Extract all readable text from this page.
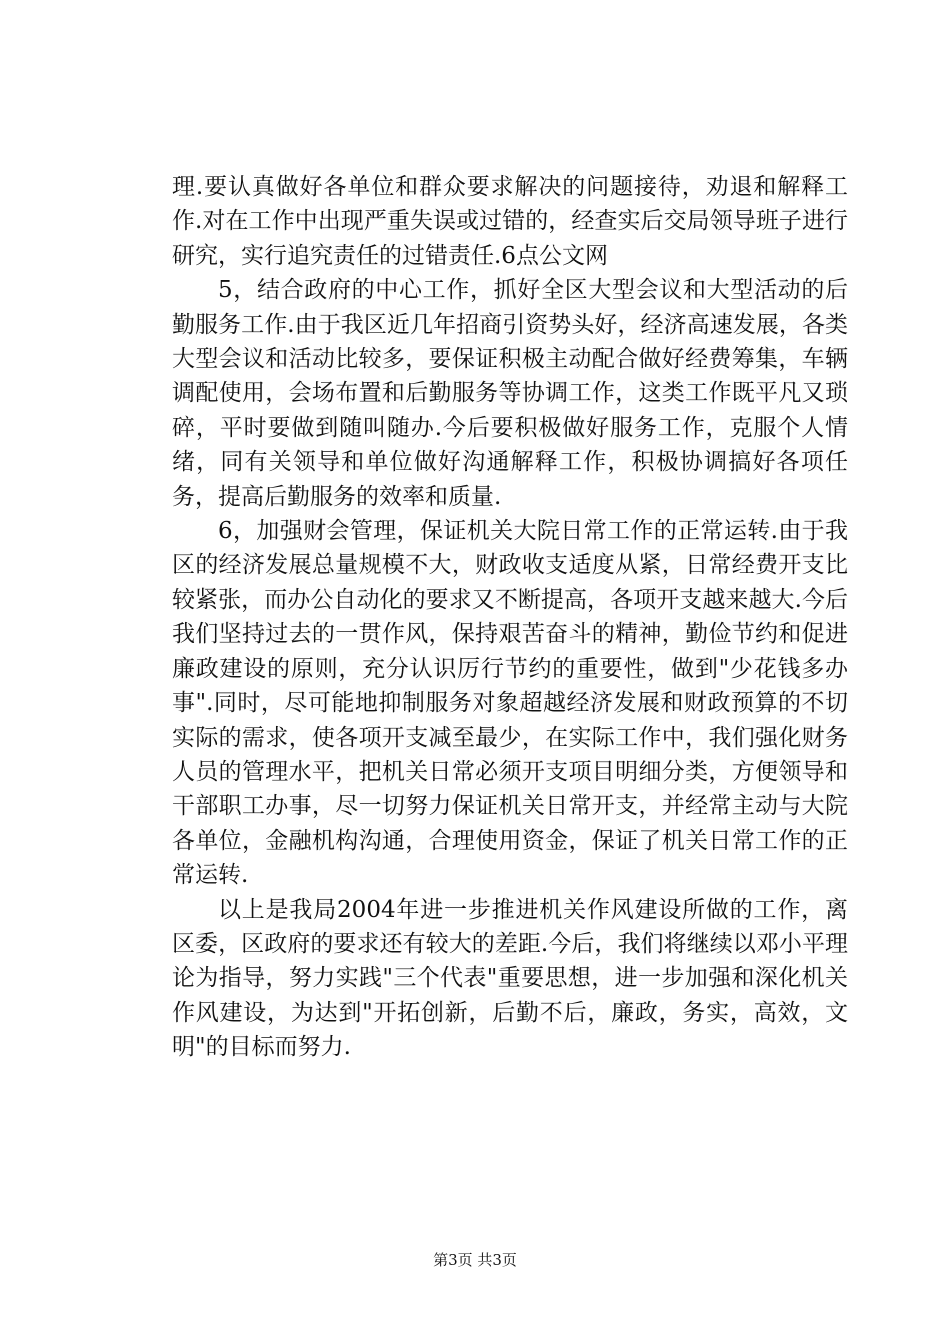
理.要认真做好各单位和群众要求解决的问题接待，劝退和解释工作.对在工作中出现严重失误或过错的，经查实后交局领导班子进行研究，实行追究责任的过错责任.6点公文网

5，结合政府的中心工作，抓好全区大型会议和大型活动的后勤服务工作.由于我区近几年招商引资势头好，经济高速发展，各类大型会议和活动比较多，要保证积极主动配合做好经费筹集，车辆调配使用，会场布置和后勤服务等协调工作，这类工作既平凡又琐碎，平时要做到随叫随办.今后要积极做好服务工作，克服个人情绪，同有关领导和单位做好沟通解释工作，积极协调搞好各项任务，提高后勤服务的效率和质量.

6，加强财会管理，保证机关大院日常工作的正常运转.由于我区的经济发展总量规模不大，财政收支适度从紧，日常经费开支比较紧张，而办公自动化的要求又不断提高，各项开支越来越大.今后我们坚持过去的一贯作风，保持艰苦奋斗的精神，勤俭节约和促进廉政建设的原则，充分认识厉行节约的重要性，做到"少花钱多办事".同时，尽可能地抑制服务对象超越经济发展和财政预算的不切实际的需求，使各项开支减至最少，在实际工作中，我们强化财务人员的管理水平，把机关日常必须开支项目明细分类，方便领导和干部职工办事，尽一切努力保证机关日常开支，并经常主动与大院各单位，金融机构沟通，合理使用资金，保证了机关日常工作的正常运转.

以上是我局2004年进一步推进机关作风建设所做的工作，离区委，区政府的要求还有较大的差距.今后，我们将继续以邓小平理论为指导，努力实践"三个代表"重要思想，进一步加强和深化机关作风建设，为达到"开拓创新，后勤不后，廉政，务实，高效，文明"的目标而努力.

第3页 共3页
